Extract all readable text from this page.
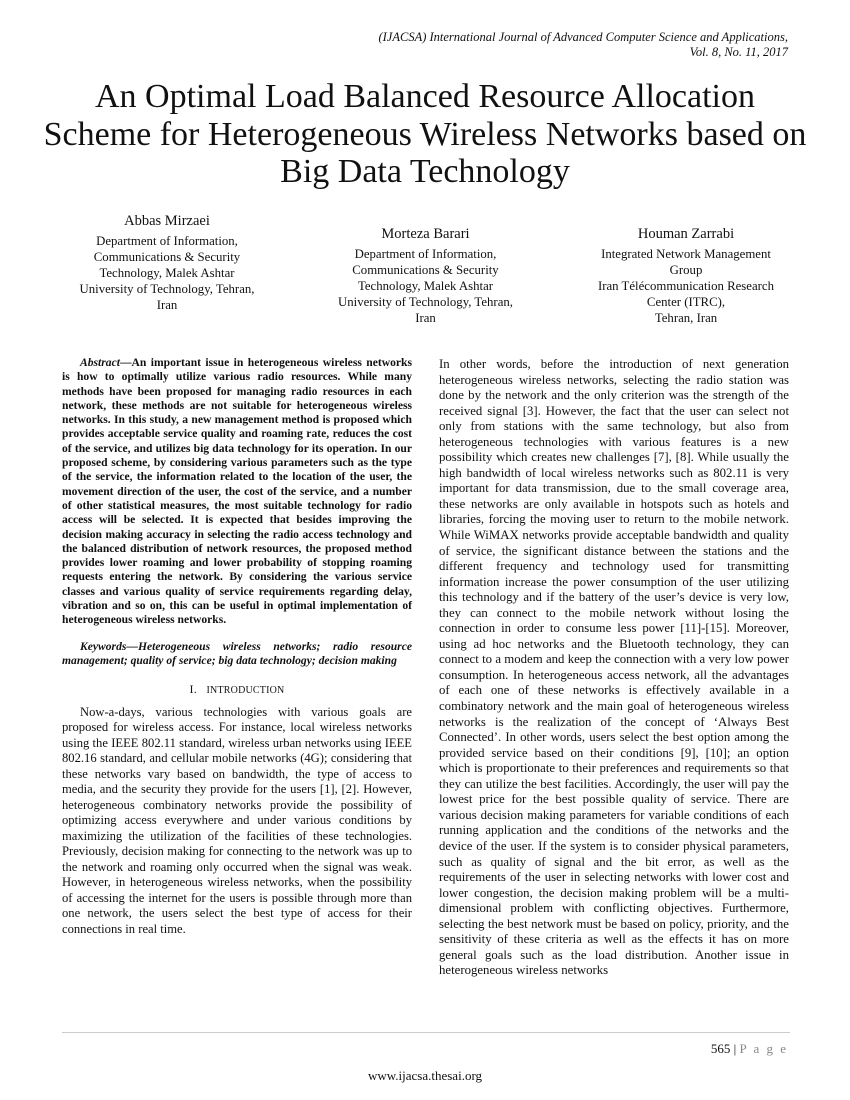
(IJACSA) International Journal of Advanced Computer Science and Applications,
Vol. 8, No. 11, 2017
An Optimal Load Balanced Resource Allocation Scheme for Heterogeneous Wireless Networks based on Big Data Technology
Abbas Mirzaei
Department of Information,
Communications & Security
Technology, Malek Ashtar
University of Technology, Tehran,
Iran
Morteza Barari
Department of Information,
Communications & Security
Technology, Malek Ashtar
University of Technology, Tehran,
Iran
Houman Zarrabi
Integrated Network Management
Group
Iran Télécommunication Research
Center (ITRC),
Tehran, Iran

Abstract—An important issue in heterogeneous wireless networks is how to optimally utilize various radio resources. While many methods have been proposed for managing radio resources in each network, these methods are not suitable for heterogeneous wireless networks. In this study, a new management method is proposed which provides acceptable service quality and roaming rate, reduces the cost of the service, and utilizes big data technology for its operation. In our proposed scheme, by considering various parameters such as the type of the service, the information related to the location of the user, the movement direction of the user, the cost of the service, and a number of other statistical measures, the most suitable technology for radio access will be selected. It is expected that besides improving the decision making accuracy in selecting the radio access technology and the balanced distribution of network resources, the proposed method provides lower roaming and lower probability of stopping roaming requests entering the network. By considering the various service classes and various quality of service requirements regarding delay, vibration and so on, this can be useful in optimal implementation of heterogeneous wireless networks.

Keywords—Heterogeneous wireless networks; radio resource management; quality of service; big data technology; decision making

I. INTRODUCTION

Now-a-days, various technologies with various goals are proposed for wireless access. For instance, local wireless networks using the IEEE 802.11 standard, wireless urban networks using IEEE 802.16 standard, and cellular mobile networks (4G); considering that these networks vary based on bandwidth, the type of access to media, and the security they provide for the users [1], [2]. However, heterogeneous combinatory networks provide the possibility of optimizing access everywhere and under various conditions by maximizing the utilization of the facilities of these technologies. Previously, decision making for connecting to the network was up to the network and roaming only occurred when the signal was weak. However, in heterogeneous wireless networks, when the possibility of accessing the internet for the users is possible through more than one network, the users select the best type of access for their connections in real time.

In other words, before the introduction of next generation heterogeneous wireless networks, selecting the radio station was done by the network and the only criterion was the strength of the received signal [3]. However, the fact that the user can select not only from stations with the same technology, but also from heterogeneous technologies with various features is a new possibility which creates new challenges [7], [8]. While usually the high bandwidth of local wireless networks such as 802.11 is very important for data transmission, due to the small coverage area, these networks are only available in hotspots such as hotels and libraries, forcing the moving user to return to the mobile network. While WiMAX networks provide acceptable bandwidth and quality of service, the significant distance between the stations and the different frequency and technology used for transmitting information increase the power consumption of the user utilizing this technology and if the battery of the user’s device is very low, they can connect to the mobile network without losing the connection in order to consume less power [11]-[15]. Moreover, using ad hoc networks and the Bluetooth technology, they can connect to a modem and keep the connection with a very low power consumption. In heterogeneous access network, all the advantages of each one of these networks is effectively available in a combinatory network and the main goal of heterogeneous wireless networks is the realization of the concept of ‘Always Best Connected’. In other words, users select the best option among the provided service based on their conditions [9], [10]; an option which is proportionate to their preferences and requirements so that they can utilize the best facilities. Accordingly, the user will pay the lowest price for the best possible quality of service. There are various decision making parameters for variable conditions of each running application and the conditions of the networks and the device of the user. If the system is to consider physical parameters, such as quality of signal and the bit error, as well as the requirements of the user in selecting networks with lower cost and lower congestion, the decision making problem will be a multi-dimensional problem with conflicting objectives. Furthermore, selecting the best network must be based on policy, priority, and the sensitivity of these criteria as well as the effects it has on more general goals such as the load distribution. Another issue in heterogeneous wireless networks

565 | P a g e
www.ijacsa.thesai.org
